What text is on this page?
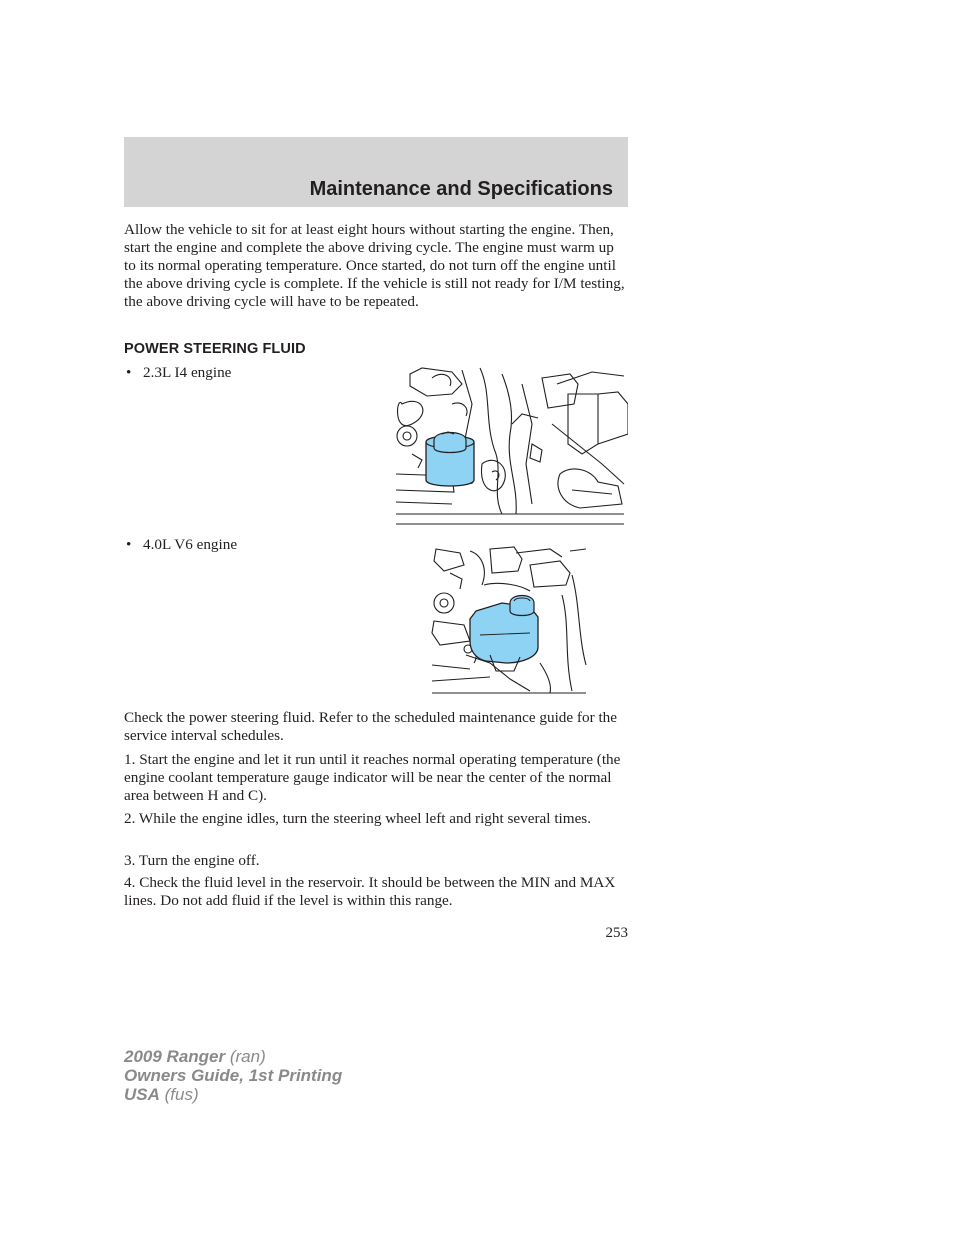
Maintenance and Specifications

Allow the vehicle to sit for at least eight hours without starting the engine. Then, start the engine and complete the above driving cycle. The engine must warm up to its normal operating temperature. Once started, do not turn off the engine until the above driving cycle is complete. If the vehicle is still not ready for I/M testing, the above driving cycle will have to be repeated.

POWER STEERING FLUID
• 2.3L I4 engine
• 4.0L V6 engine

Check the power steering fluid. Refer to the scheduled maintenance guide for the service interval schedules.

1. Start the engine and let it run until it reaches normal operating temperature (the engine coolant temperature gauge indicator will be near the center of the normal area between H and C).

2. While the engine idles, turn the steering wheel left and right several times.

3. Turn the engine off.

4. Check the fluid level in the reservoir. It should be between the MIN and MAX lines. Do not add fluid if the level is within this range.

253
2009 Ranger (ran)
Owners Guide, 1st Printing
USA (fus)
